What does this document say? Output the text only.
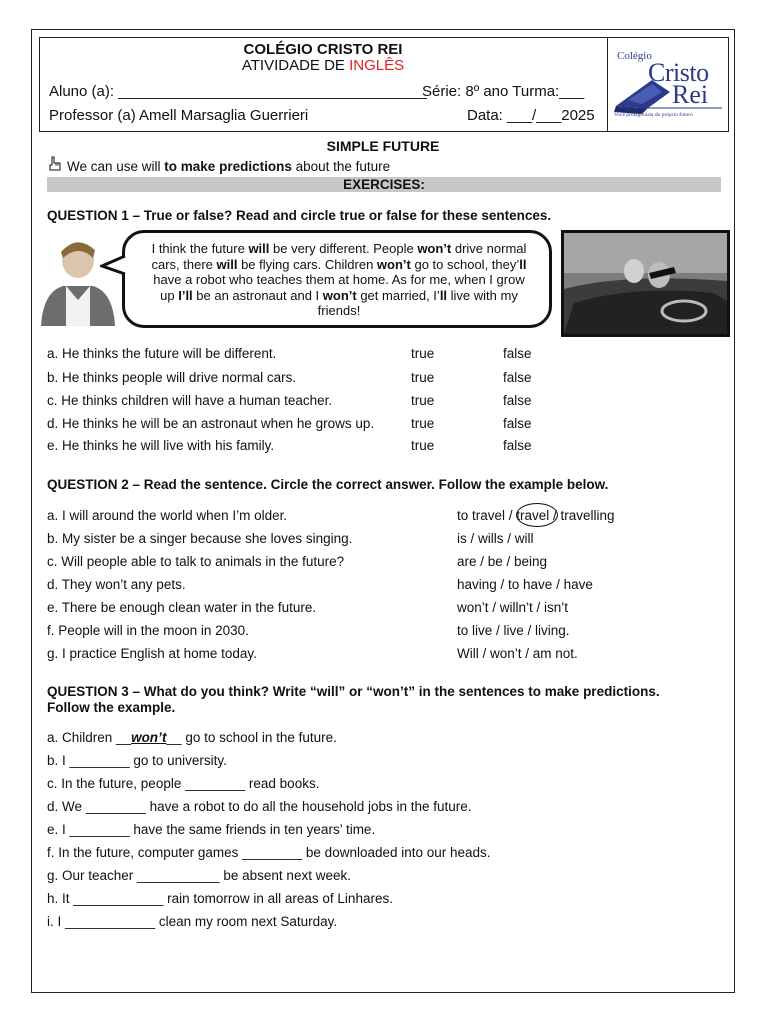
COLÉGIO CRISTO REI
ATIVIDADE DE INGLÊS
Aluno (a): _____________________________________
Série: 8º ano Turma:___
Professor (a) Amell Marsaglia Guerrieri	Data: ___/___2025
Colégio
Cristo
Rei
Você protagonista do próprio futuro
SIMPLE FUTURE
We can use will to make predictions about the future
EXERCISES:
QUESTION 1 – True or false? Read and circle true or false for these sentences.
I think the future will be very different. People won’t drive normal
cars, there will be flying cars. Children won’t go to school, they’ll
have a robot who teaches them at home. As for me, when I grow
up I’ll be an astronaut and I won’t get married, I’ll live with my
friends!
QUESTION 2 – Read the sentence. Circle the correct answer. Follow the example below.
QUESTION 3 – What do you think? Write “will” or “won’t” in the sentences to make predictions.
Follow the example.
a. Children __won’t__ go to school in the future.
a. He thinks the future will be different.	true	false
b. He thinks people will drive normal cars.	true	false
c. He thinks children will have a human teacher.	true	false
d. He thinks he will be an astronaut when he grows up.	true	false
e. He thinks he will live with his family.	true	false
a. I will around the world when I’m older.	to travel / travel / travelling
b. My sister be a singer because she loves singing.	is / wills / will
c. Will people able to talk to animals in the future?	are / be / being
d. They won’t any pets.	having / to have / have
e. There be enough clean water in the future.	won’t / willn’t / isn’t
f. People will in the moon in 2030.	to live / live / living.
g. I practice English at home today.	Will / won’t / am not.
b. I ________ go to university.
c. In the future, people ________ read books.
d. We ________ have a robot to do all the household jobs in the future.
e. I ________ have the same friends in ten years’ time.
f. In the future, computer games ________ be downloaded into our heads.
g. Our teacher ___________ be absent next week.
h. It ____________ rain tomorrow in all areas of Linhares.
i. I ____________ clean my room next Saturday.
